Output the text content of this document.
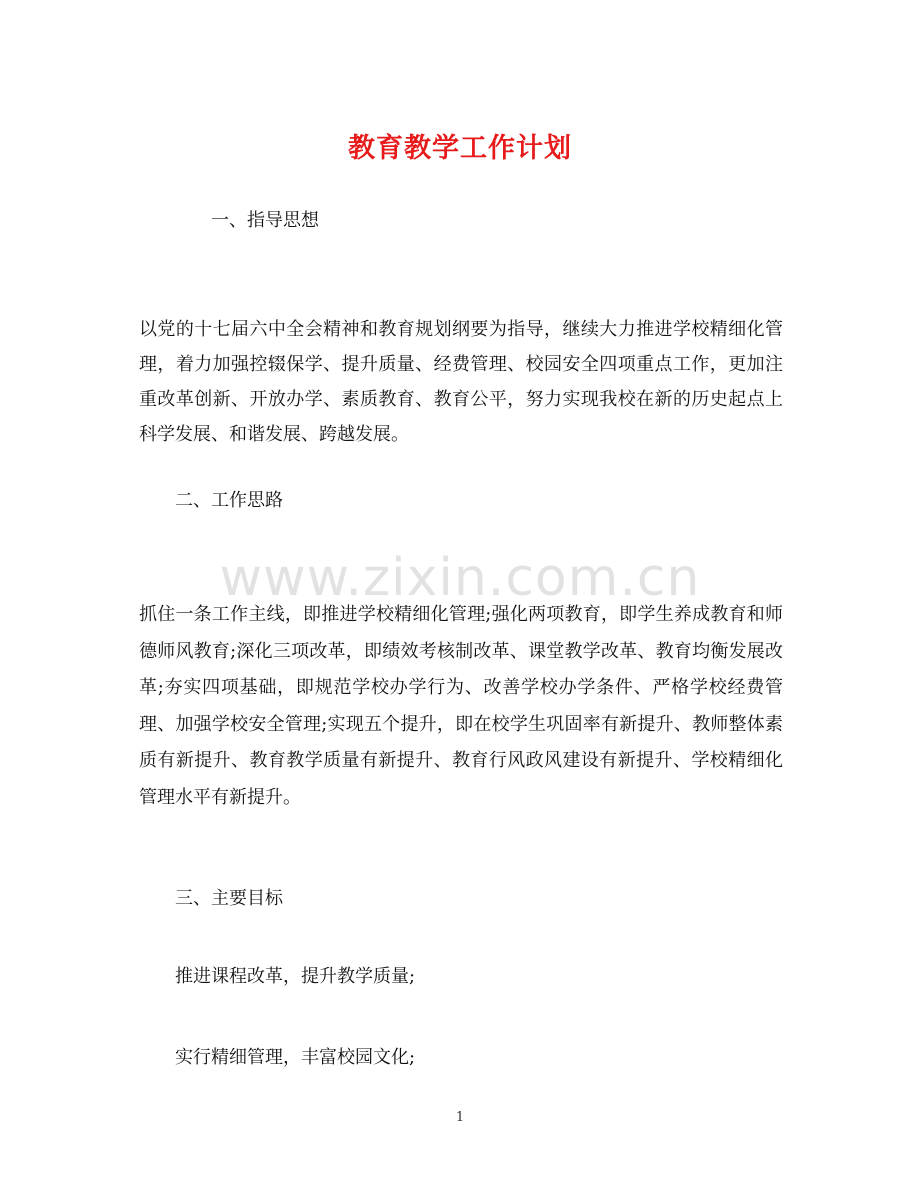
教育教学工作计划
一、指导思想
以党的十七届六中全会精神和教育规划纲要为指导，继续大力推进学校精细化管理，着力加强控辍保学、提升质量、经费管理、校园安全四项重点工作，更加注重改革创新、开放办学、素质教育、教育公平，努力实现我校在新的历史起点上科学发展、和谐发展、跨越发展。
二、工作思路
www.zixin.com.cn
抓住一条工作主线，即推进学校精细化管理;强化两项教育，即学生养成教育和师德师风教育;深化三项改革，即绩效考核制改革、课堂教学改革、教育均衡发展改革;夯实四项基础，即规范学校办学行为、改善学校办学条件、严格学校经费管理、加强学校安全管理;实现五个提升，即在校学生巩固率有新提升、教师整体素质有新提升、教育教学质量有新提升、教育行风政风建设有新提升、学校精细化管理水平有新提升。
三、主要目标
推进课程改革，提升教学质量;
实行精细管理，丰富校园文化;
1
